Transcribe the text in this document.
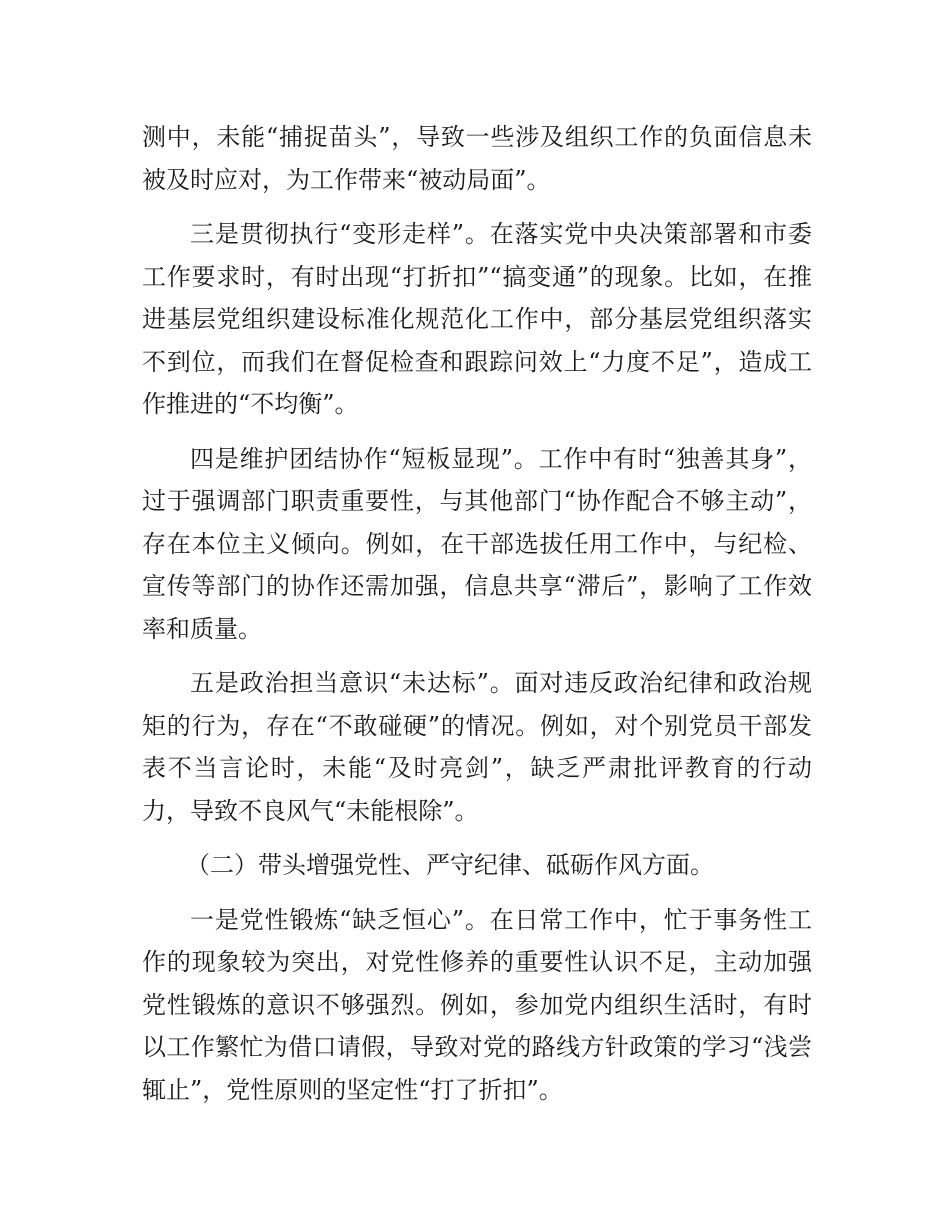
测中，未能“捕捉苗头”，导致一些涉及组织工作的负面信息未被及时应对，为工作带来“被动局面”。

三是贯彻执行“变形走样”。在落实党中央决策部署和市委工作要求时，有时出现“打折扣”“搞变通”的现象。比如，在推进基层党组织建设标准化规范化工作中，部分基层党组织落实不到位，而我们在督促检查和跟踪问效上“力度不足”，造成工作推进的“不均衡”。

四是维护团结协作“短板显现”。工作中有时“独善其身”，过于强调部门职责重要性，与其他部门“协作配合不够主动”，存在本位主义倾向。例如，在干部选拔任用工作中，与纪检、宣传等部门的协作还需加强，信息共享“滞后”，影响了工作效率和质量。

五是政治担当意识“未达标”。面对违反政治纪律和政治规矩的行为，存在“不敢碰硬”的情况。例如，对个别党员干部发表不当言论时，未能“及时亮剑”，缺乏严肃批评教育的行动力，导致不良风气“未能根除”。

（二）带头增强党性、严守纪律、砥砺作风方面。

一是党性锻炼“缺乏恒心”。在日常工作中，忙于事务性工作的现象较为突出，对党性修养的重要性认识不足，主动加强党性锻炼的意识不够强烈。例如，参加党内组织生活时，有时以工作繁忙为借口请假，导致对党的路线方针政策的学习“浅尝辄止”，党性原则的坚定性“打了折扣”。
